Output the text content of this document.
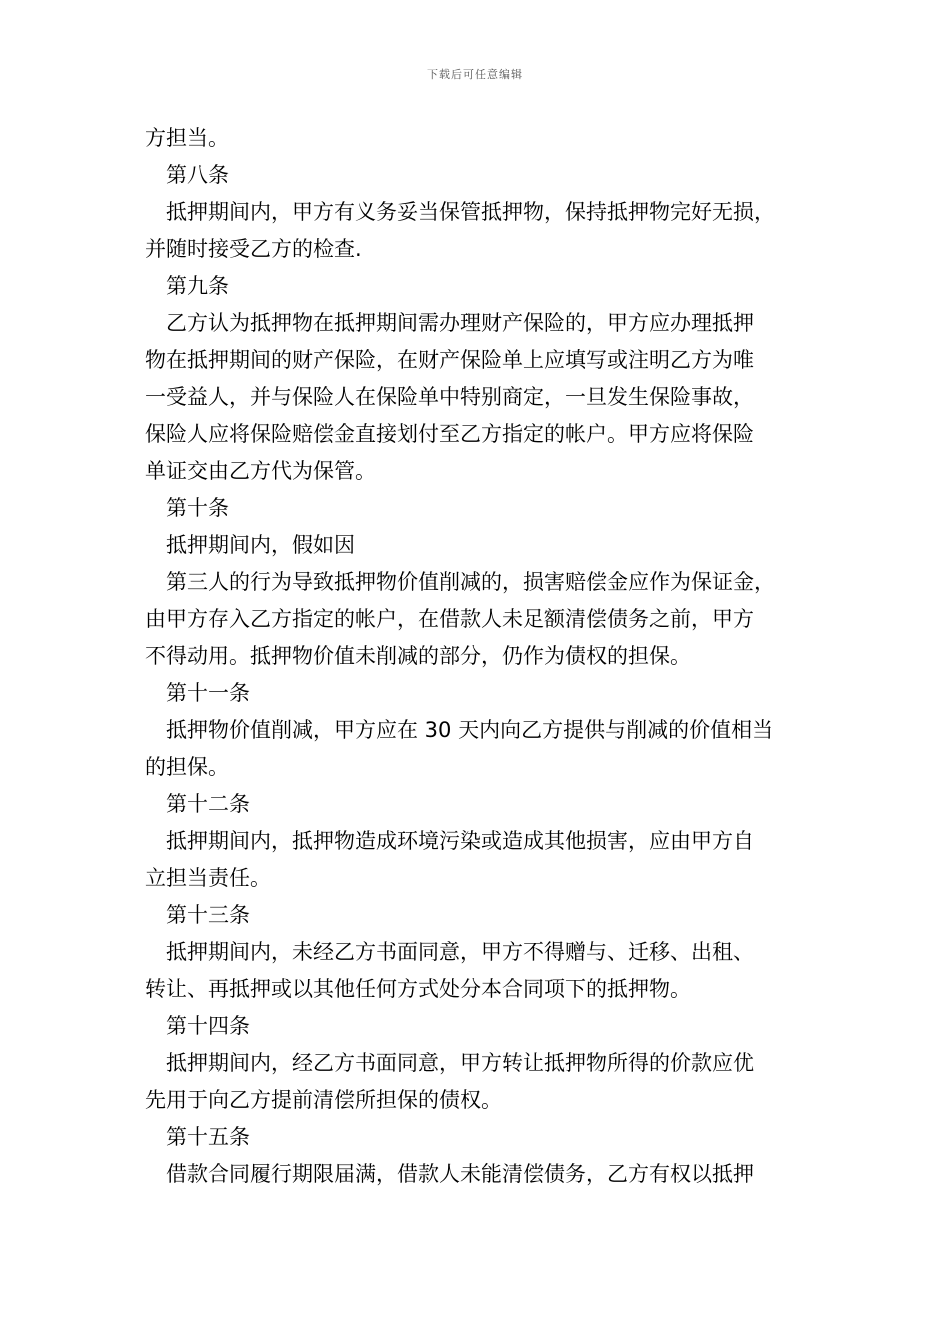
下载后可任意编辑
方担当。
第八条
抵押期间内，甲方有义务妥当保管抵押物，保持抵押物完好无损，
并随时接受乙方的检查.
第九条
乙方认为抵押物在抵押期间需办理财产保险的，甲方应办理抵押
物在抵押期间的财产保险，在财产保险单上应填写或注明乙方为唯
一受益人，并与保险人在保险单中特别商定，一旦发生保险事故，
保险人应将保险赔偿金直接划付至乙方指定的帐户。甲方应将保险
单证交由乙方代为保管。
第十条
抵押期间内，假如因
第三人的行为导致抵押物价值削减的，损害赔偿金应作为保证金，
由甲方存入乙方指定的帐户，在借款人未足额清偿债务之前，甲方
不得动用。抵押物价值未削减的部分，仍作为债权的担保。
第十一条
抵押物价值削减，甲方应在 30 天内向乙方提供与削减的价值相当
的担保。
第十二条
抵押期间内，抵押物造成环境污染或造成其他损害，应由甲方自
立担当责任。
第十三条
抵押期间内，未经乙方书面同意，甲方不得赠与、迁移、出租、
转让、再抵押或以其他任何方式处分本合同项下的抵押物。
第十四条
抵押期间内，经乙方书面同意，甲方转让抵押物所得的价款应优
先用于向乙方提前清偿所担保的债权。
第十五条
借款合同履行期限届满，借款人未能清偿债务，乙方有权以抵押
